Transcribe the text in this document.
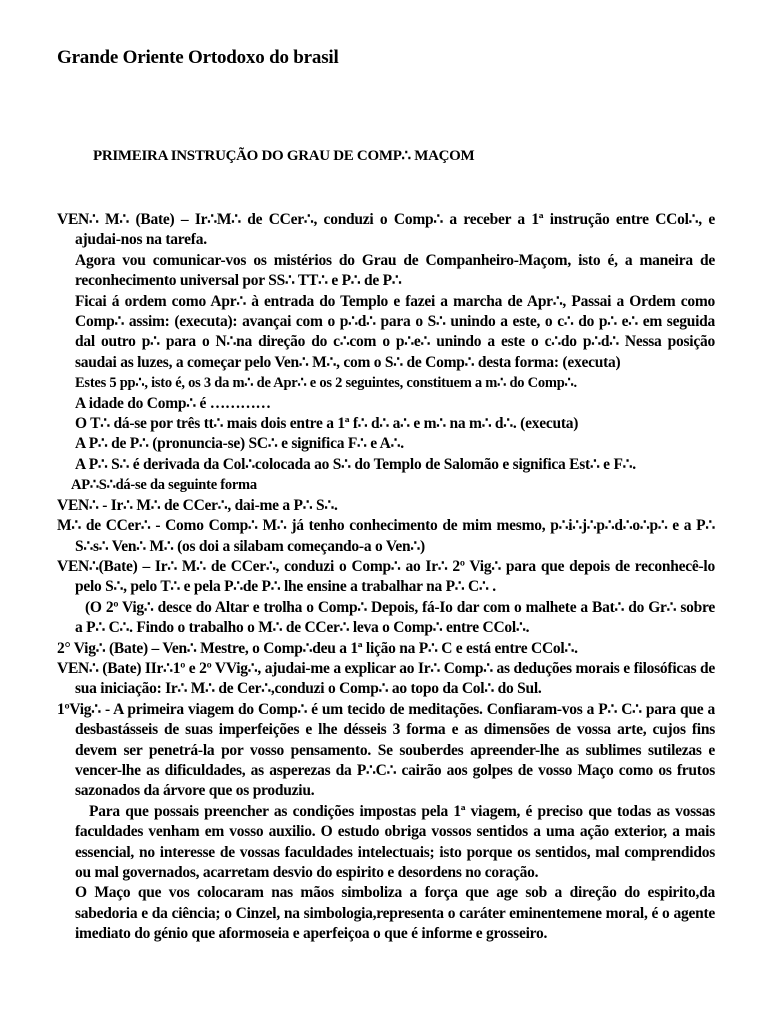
Grande Oriente Ortodoxo do brasil
PRIMEIRA INSTRUÇÃO DO GRAU DE COMP∴ MAÇOM

VEN∴ M∴ (Bate) – Ir∴M∴ de CCer∴, conduzi o Comp∴ a receber a 1ª instrução entre CCol∴, e ajudai-nos na tarefa.

Agora vou comunicar-vos os mistérios do Grau de Companheiro-Maçom, isto é, a maneira de reconhecimento universal por SS∴ TT∴ e P∴ de P∴

Ficai á ordem como Apr∴ à entrada do Templo e fazei a marcha de Apr∴, Passai a Ordem como Comp∴ assim: (executa): avançai com o p∴d∴ para o S∴ unindo a este, o c∴ do p∴ e∴ em seguida dal outro p∴ para o N∴na direção do c∴com o p∴e∴ unindo a este o c∴do p∴d∴ Nessa posição saudai as luzes, a começar pelo Ven∴ M∴, com o S∴ de Comp∴ desta forma: (executa)

Estes 5 pp∴, isto é, os 3 da m∴ de Apr∴ e os 2 seguintes, constituem a m∴ do Comp∴.

A idade do Comp∴ é …………

O T∴ dá-se por três tt∴ mais dois entre a 1ª f∴ d∴ a∴ e m∴ na m∴ d∴. (executa)

A P∴ de P∴ (pronuncia-se) SC∴ e significa F∴ e A∴.

A P∴ S∴ é derivada da Col∴colocada ao S∴ do Templo de Salomão e significa Est∴ e F∴.

AP∴S∴dá-se da seguinte forma

VEN∴ - Ir∴ M∴ de CCer∴, dai-me a P∴ S∴.

M∴ de CCer∴ - Como Comp∴ M∴ já tenho conhecimento de mim mesmo, p∴i∴j∴p∴d∴o∴p∴ e a P∴ S∴s∴ Ven∴ M∴ (os doi a silabam começando-a o Ven∴)

VEN∴(Bate) – Ir∴ M∴ de CCer∴, conduzi o Comp∴ ao Ir∴ 2º Vig∴ para que depois de reconhecê-lo pelo S∴, pelo T∴ e pela P∴de P∴ lhe ensine a trabalhar na P∴ C∴ .

(O 2º Vig∴ desce do Altar e trolha o Comp∴ Depois, fá-Io dar com o malhete a Bat∴ do Gr∴ sobre a P∴ C∴. Findo o trabalho o M∴ de CCer∴ leva o Comp∴ entre CCol∴.

2° Vig∴ (Bate) – Ven∴ Mestre, o Comp∴deu a 1ª lição na P∴ C e está entre CCol∴.

VEN∴ (Bate) IIr∴1º e 2º VVig∴, ajudai-me a explicar ao Ir∴ Comp∴ as deduções morais e filosóficas de sua iniciação: Ir∴ M∴ de Cer∴,conduzi o Comp∴ ao topo da Col∴ do Sul.

1ºVig∴ - A primeira viagem do Comp∴ é um tecido de meditações. Confiaram-vos a P∴ C∴ para que a desbastásseis de suas imperfeições e lhe désseis 3 forma e as dimensões de vossa arte, cujos fins devem ser penetrá-la por vosso pensamento. Se souberdes apreender-lhe as sublimes sutilezas e vencer-lhe as dificuldades, as asperezas da P∴C∴ cairão aos golpes de vosso Maço como os frutos sazonados da árvore que os produziu.

Para que possais preencher as condições impostas pela 1ª viagem, é preciso que todas as vossas faculdades venham em vosso auxilio. O estudo obriga vossos sentidos a uma ação exterior, a mais essencial, no interesse de vossas faculdades intelectuais; isto porque os sentidos, mal comprendidos ou mal governados, acarretam desvio do espirito e desordens no coração.

O Maço que vos colocaram nas mãos simboliza a força que age sob a direção do espirito,da sabedoria e da ciência; o Cinzel, na simbologia,representa o caráter eminentemene moral, é o agente imediato do génio que aformoseia e aperfeiçoa o que é informe e grosseiro.
